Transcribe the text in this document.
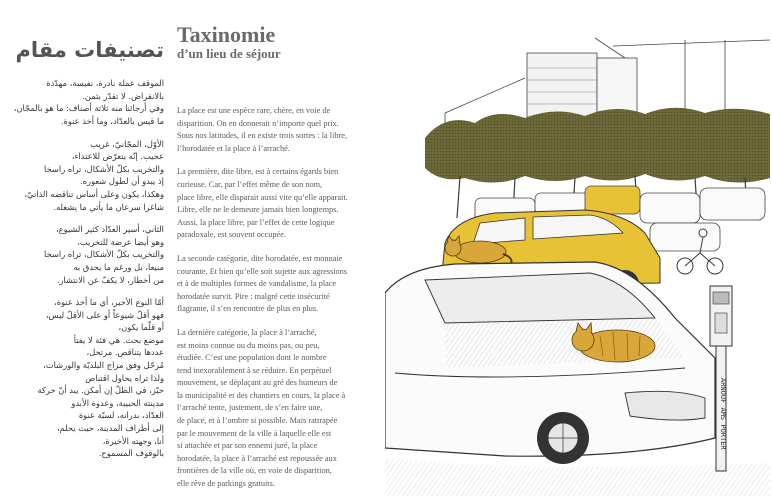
تصنيفات مقام

الموقف عملة نادرة، نفيسة، مهدّدة
بالانقراض. لا تقدّر بثمن.
وفي أرجائنا منه ثلاثة أصناف: ما هو بالمجّان،
ما قيس بالعدّاد، وما أخذ عنوة.

الأوّل، المجّانيّ، غريب
عجيب. إنّه يتعرّض للاعتداء،
والتخريب بكلّ الأشكال، تراه راسخا
إذ يبدو أن لطول شعوره.
وهكذا، يكون وعلى أساس تناقضه الذاتيّ،
شاغرا سرعان ما يأتي ما يشغله.

الثاني، أسير العدّاد كثير الشيوع،
وهو أيضا عرضة للتخريب،
والتخريب بكلّ الأشكال، تراه راسخا
منيعا، بل ورغم ما يحدق به
من أخطار، لا يكفّ عن الانتشار.

أمّا النوع الأخير، أي ما أخذ عنوة،
فهو أقلّ شيوعاً أو على الأقلّ ليس،
أو قلّما يكون،
موضع بحث. هي فئة لا يفتأ
عددها يتناقص. مرتحل،
مُرحّل وفق مزاج البلديّة والورشات،
ولذا تراه يحاول اقتناص
حيّز، في الظلّ إن أمكن. يبد أنّ حركة
مدينته الحبيبة، وعدوة الأبدو
العدّاد، بدرانه، لسيّة عنوة
إلى أطراف المدينة، حيث يحلم،
أنا، وجهته الأخيرة،
بالوقوف المسموح.

Taxinomie
d’un lieu de séjour

La place est une espèce rare, chère, en voie de
disparition. On en donnerait n’importe quel prix.
Sous nos latitudes, il en existe trois sortes : la libre,
l’horodatée et la place à l’arraché.

La première, dite libre, est à certains égards bien
curieuse. Car, par l’effet même de son nom,
place libre, elle disparait aussi vite qu’elle apparait.
Libre, elle ne le demeure jamais bien longtemps.
Aussi, la place libre, par l’effet de cette logique
paradoxale, est souvent occupée.

La seconde catégorie, dite horodatée, est monnaie
courante. Et bien qu’elle soit sujette aux agressions
et à de multiples formes de vandalisme, la place
horodatée survit. Pire : malgré cette insécurité
flagrante, il s’en rencontre de plus en plus.

La dernière catégorie, la place à l’arraché,
est moins connue ou du moins pas, ou peu,
étudiée. C’est une population dont le nombre
tend inexorablement à se réduire. En perpétuel
mouvement, se déplaçant au gré des humeurs de
la municipalité et des chantiers en cours, la place à
l’arraché tente, justement, de s’en faire une,
de place, et à l’ombre si possible. Mais rattrapée
par le mouvement de la ville à laquelle elle est
si attachée et par son ennemi juré, la place
horodatée, la place à l’arraché est repoussée aux
frontières de la ville où, en voie de disparition,
elle rêve de parkings gratuits.

ARNOUF AMS PORTER
